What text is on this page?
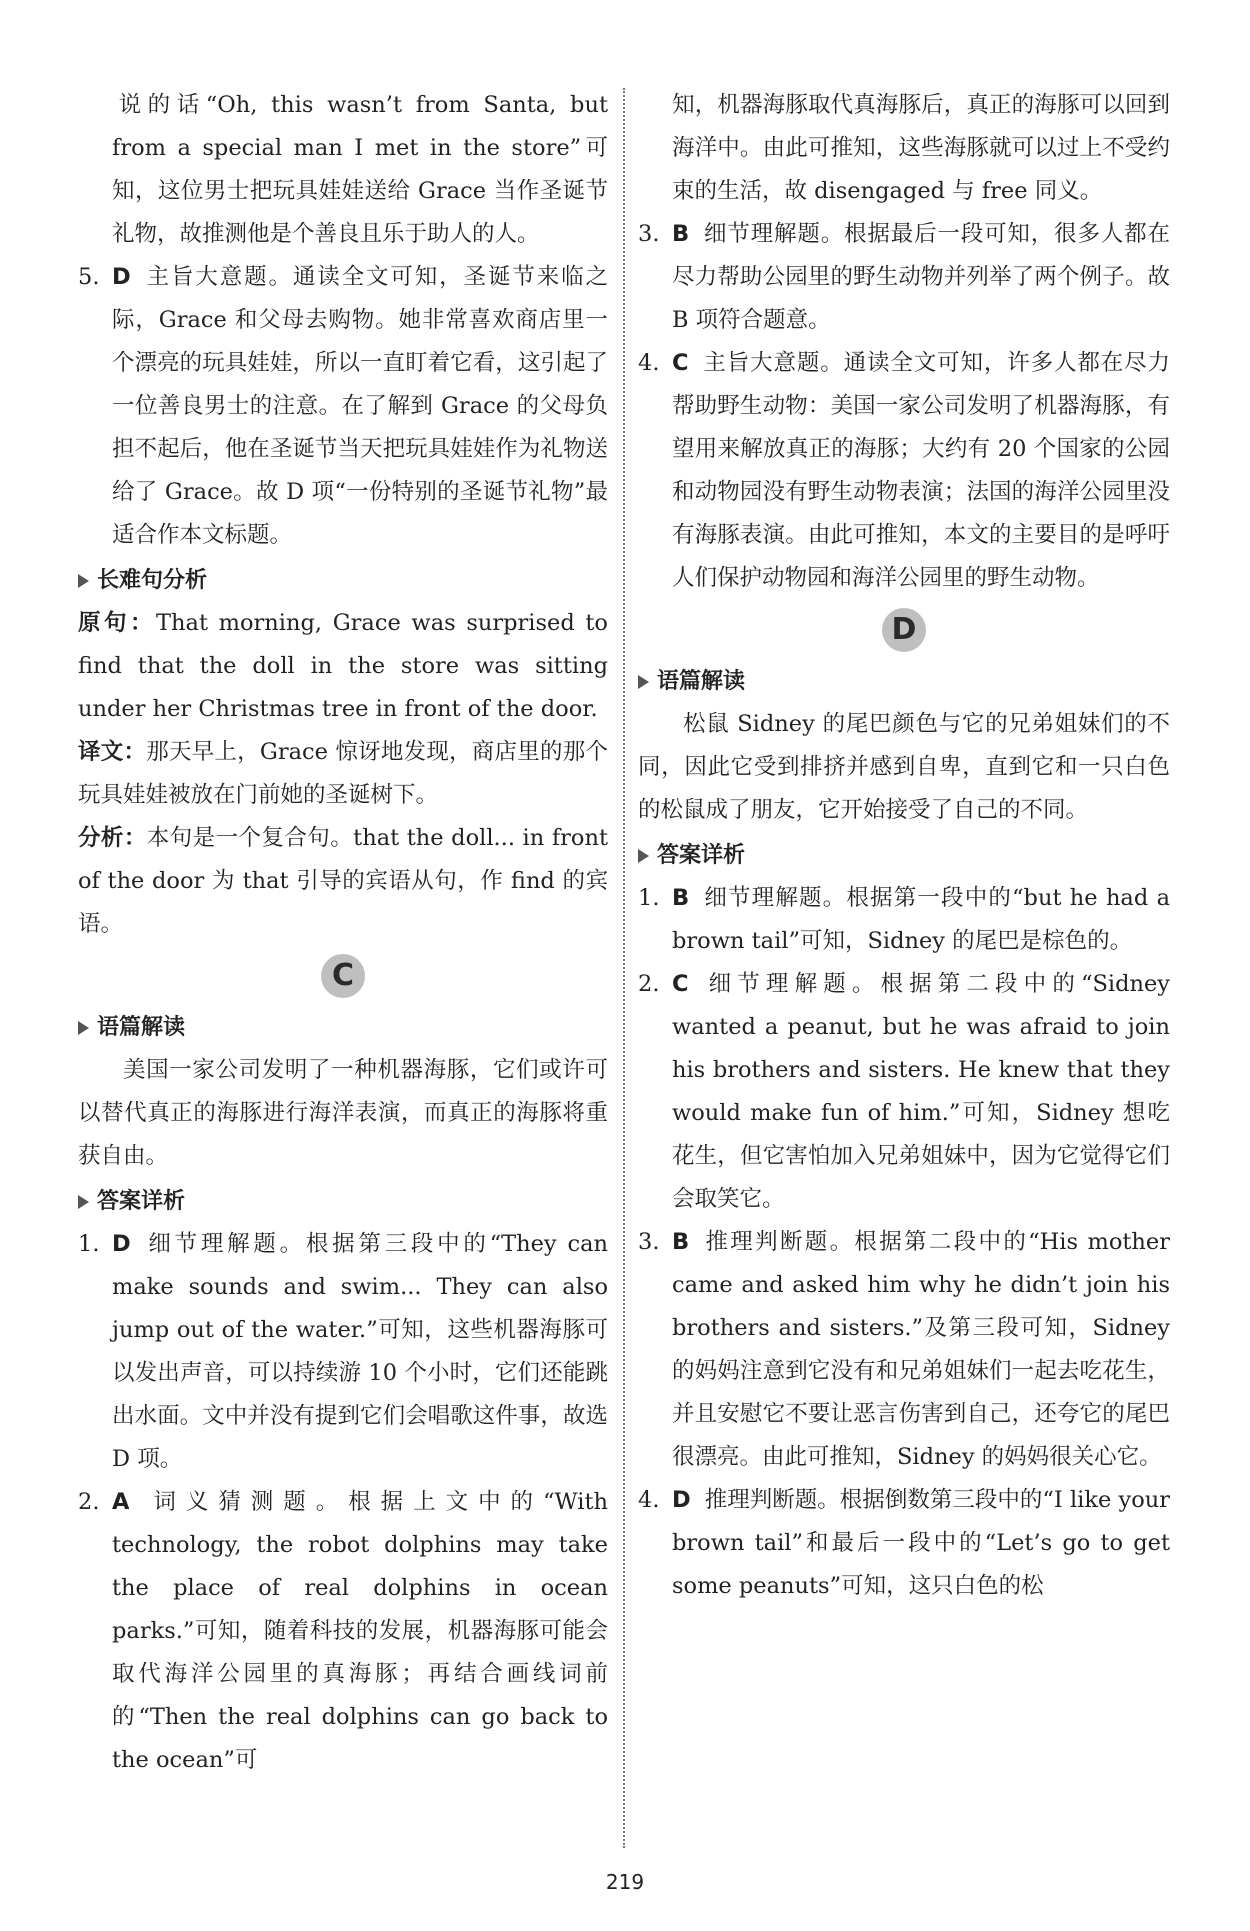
说的话“Oh, this wasn’t from Santa, but from a special man I met in the store”可知，这位男士把玩具娃娃送给 Grace 当作圣诞节礼物，故推测他是个善良且乐于助人的人。

5. D 主旨大意题。通读全文可知，圣诞节来临之际，Grace 和父母去购物。她非常喜欢商店里一个漂亮的玩具娃娃，所以一直盯着它看，这引起了一位善良男士的注意。在了解到 Grace 的父母负担不起后，他在圣诞节当天把玩具娃娃作为礼物送给了 Grace。故 D 项“一份特别的圣诞节礼物”最适合作本文标题。

长难句分析

原句：That morning, Grace was surprised to find that the doll in the store was sitting under her Christmas tree in front of the door.

译文：那天早上，Grace 惊讶地发现，商店里的那个玩具娃娃被放在门前她的圣诞树下。

分析：本句是一个复合句。that the doll... in front of the door 为 that 引导的宾语从句，作 find 的宾语。

C
语篇解读

美国一家公司发明了一种机器海豚，它们或许可以替代真正的海豚进行海洋表演，而真正的海豚将重获自由。

答案详析

1. D 细节理解题。根据第三段中的“They can make sounds and swim... They can also jump out of the water.”可知，这些机器海豚可以发出声音，可以持续游 10 个小时，它们还能跳出水面。文中并没有提到它们会唱歌这件事，故选 D 项。

2. A 词义猜测题。根据上文中的“With technology, the robot dolphins may take the place of real dolphins in ocean parks.”可知，随着科技的发展，机器海豚可能会取代海洋公园里的真海豚；再结合画线词前的“Then the real dolphins can go back to the ocean”可

知，机器海豚取代真海豚后，真正的海豚可以回到海洋中。由此可推知，这些海豚就可以过上不受约束的生活，故 disengaged 与 free 同义。

3. B 细节理解题。根据最后一段可知，很多人都在尽力帮助公园里的野生动物并列举了两个例子。故 B 项符合题意。

4. C 主旨大意题。通读全文可知，许多人都在尽力帮助野生动物：美国一家公司发明了机器海豚，有望用来解放真正的海豚；大约有 20 个国家的公园和动物园没有野生动物表演；法国的海洋公园里没有海豚表演。由此可推知，本文的主要目的是呼吁人们保护动物园和海洋公园里的野生动物。

D
语篇解读

松鼠 Sidney 的尾巴颜色与它的兄弟姐妹们的不同，因此它受到排挤并感到自卑，直到它和一只白色的松鼠成了朋友，它开始接受了自己的不同。

答案详析

1. B 细节理解题。根据第一段中的“but he had a brown tail”可知，Sidney 的尾巴是棕色的。

2. C 细节理解题。根据第二段中的“Sidney wanted a peanut, but he was afraid to join his brothers and sisters. He knew that they would make fun of him.”可知，Sidney 想吃花生，但它害怕加入兄弟姐妹中，因为它觉得它们会取笑它。

3. B 推理判断题。根据第二段中的“His mother came and asked him why he didn’t join his brothers and sisters.”及第三段可知，Sidney 的妈妈注意到它没有和兄弟姐妹们一起去吃花生，并且安慰它不要让恶言伤害到自己，还夸它的尾巴很漂亮。由此可推知，Sidney 的妈妈很关心它。

4. D 推理判断题。根据倒数第三段中的“I like your brown tail”和最后一段中的“Let’s go to get some peanuts”可知，这只白色的松

219
